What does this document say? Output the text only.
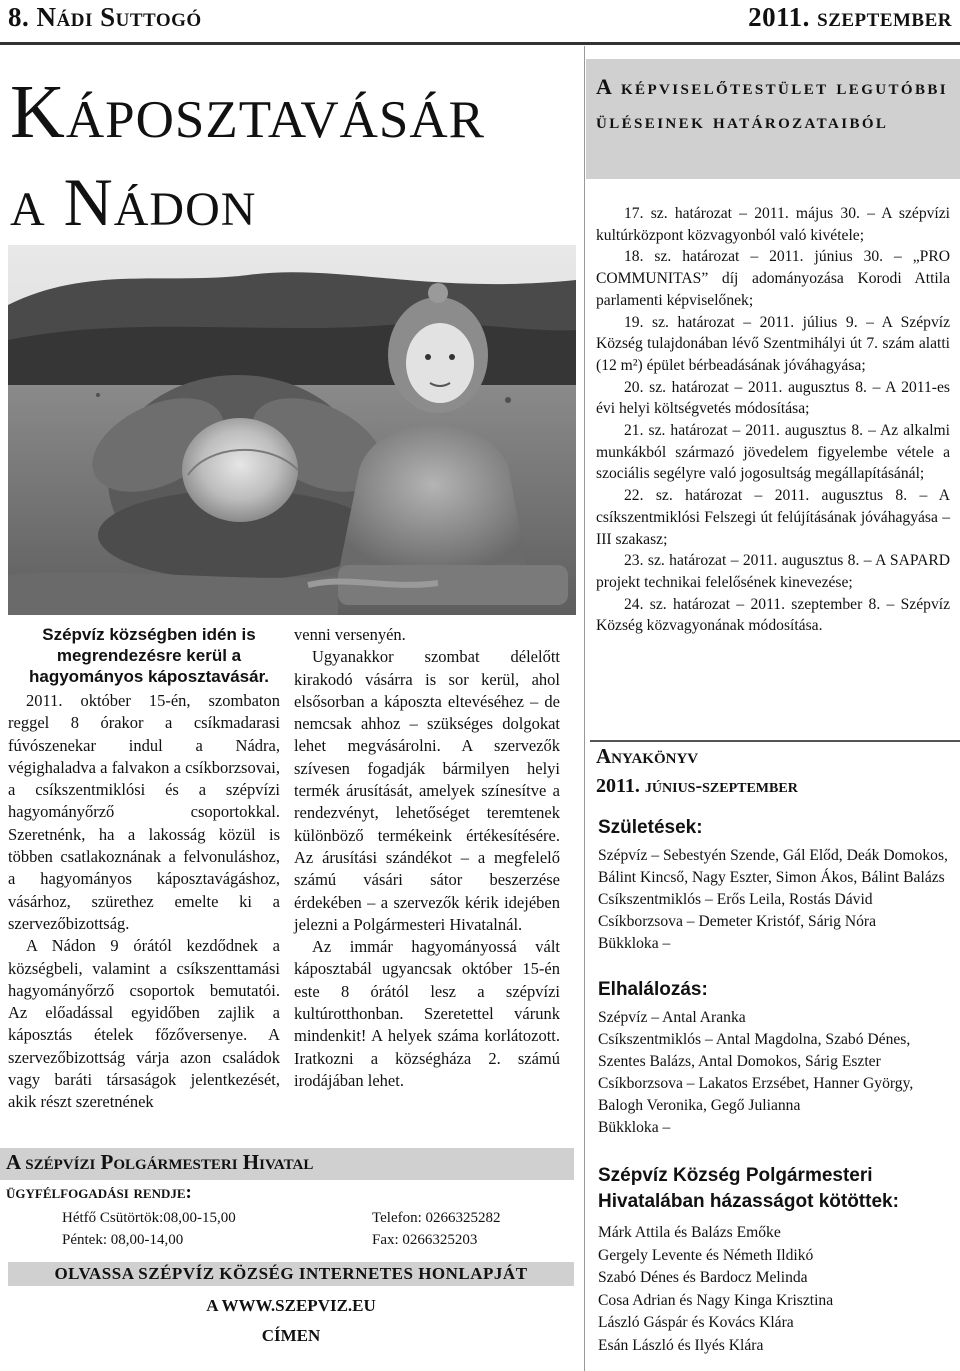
8. Nádi Suttogó	2011. szeptember
Káposztavásár
a Nádon
Szépvíz községben idén is megrendezésre kerül a hagyományos káposztavásár.

2011. október 15-én, szombaton reggel 8 órakor a csíkmadarasi fúvószenekar indul a Nádra, végighaladva a falvakon a csíkborzsovai, a csíkszentmiklósi és a szépvízi hagyományőrző csoportokkal. Szeretnénk, ha a lakosság közül is többen csatlakoznának a felvonuláshoz, a hagyományos káposztavágáshoz, vásárhoz, szürethez emelte ki a szervezőbizottság.

A Nádon 9 órától kezdődnek a községbeli, valamint a csíkszenttamási hagyományőrző csoportok bemutatói. Az előadással egyidőben zajlik a káposztás ételek főzőversenye. A szervezőbizottság várja azon családok vagy baráti társaságok jelentkezését, akik részt szeretnének

venni versenyén.

Ugyanakkor szombat délelőtt kirakodó vásárra is sor kerül, ahol elsősorban a káposzta eltevéséhez – de nemcsak ahhoz – szükséges dolgokat lehet megvásárolni. A szervezők szívesen fogadják bármilyen helyi termék árusítását, amelyek színesítve a rendezvényt, lehetőséget teremtenek különböző termékeink értékesítésére. Az árusítási szándékot – a megfelelő számú vásári sátor beszerzése érdekében – a szervezők kérik idejében jelezni a Polgármesteri Hivatalnál.

Az immár hagyományossá vált káposztabál ugyancsak október 15-én este 8 órától lesz a szépvízi kultúrotthonban. Szeretettel várunk mindenkit! A helyek száma korlátozott. Iratkozni a községháza 2. számú irodájában lehet.

A szépvízi Polgármesteri Hivatal
ügyfélfogadási rendje:
Hétfő Csütörtök:08,00-15,00
Péntek: 08,00-14,00
Telefon: 0266325282
Fax: 0266325203
OLVASSA SZÉPVÍZ KÖZSÉG INTERNETES HONLAPJÁT
A WWW.SZEPVIZ.EU
CÍMEN
A képviselőtestület legutóbbi üléseinek határozataiból

17. sz. határozat – 2011. május 30. – A szépvízi kultúrközpont közvagyonból való kivétele;

18. sz. határozat – 2011. június 30. – „PRO COMMUNITAS” díj adományozása Korodi Attila parlamenti képviselőnek;

19. sz. határozat – 2011. július 9. – A Szépvíz Község tulajdonában lévő Szentmihályi út 7. szám alatti (12 m²) épület bérbeadásának jóváhagyása;

20. sz. határozat – 2011. augusztus 8. – A 2011-es évi helyi költségvetés módosítása;

21. sz. határozat – 2011. augusztus 8. – Az alkalmi munkákból származó jövedelem figyelembe vétele a szociális segélyre való jogosultság megállapításánál;

22. sz. határozat – 2011. augusztus 8. – A csíkszentmiklósi Felszegi út felújításának jóváhagyása – III szakasz;

23. sz. határozat – 2011. augusztus 8. – A SAPARD projekt technikai felelősének kinevezése;

24. sz. határozat – 2011. szeptember 8. – Szépvíz Község közvagyonának módosítása.

Anyakönyv
2011. június-szeptember
Születések:

Szépvíz – Sebestyén Szende, Gál Előd, Deák Domokos, Bálint Kincső, Nagy Eszter, Simon Ákos, Bálint Balázs

Csíkszentmiklós – Erős Leila, Rostás Dávid

Csíkborzsova – Demeter Kristóf, Sárig Nóra

Bükkloka –

Elhalálozás:

Szépvíz – Antal Aranka

Csíkszentmiklós – Antal Magdolna, Szabó Dénes, Szentes Balázs, Antal Domokos, Sárig Eszter

Csíkborzsova – Lakatos Erzsébet, Hanner György, Balogh Veronika, Gegő Julianna

Bükkloka –

Szépvíz Község Polgármesteri Hivatalában házasságot kötöttek:

Márk Attila és Balázs Emőke

Gergely Levente és Németh Ildikó

Szabó Dénes és Bardocz Melinda

Cosa Adrian és Nagy Kinga Krisztina

László Gáspár és Kovács Klára

Esán László és Ilyés Klára
